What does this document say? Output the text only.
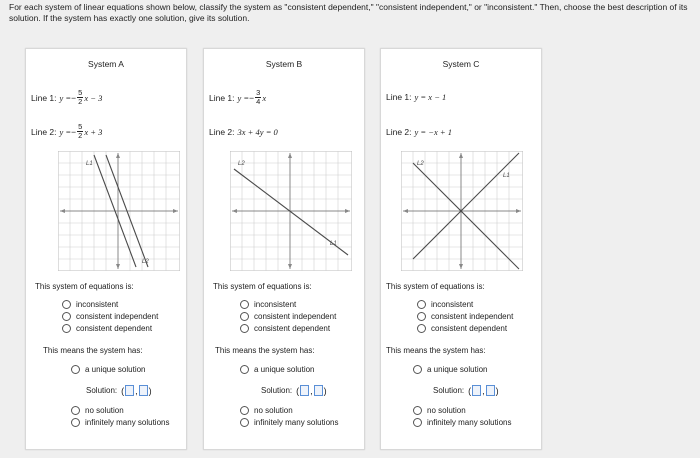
For each system of linear equations shown below, classify the system as "consistent dependent," "consistent independent," or "inconsistent." Then, choose the best description of its solution. If the system has exactly one solution, give its solution.
System A
Line 1: y = − $\frac{5}{2}$ x − 3
Line 2: y = − $\frac{5}{2}$ x + 3
L1
L2
This system of equations is:
inconsistent
consistent independent
consistent dependent
This means the system has:
a unique solution
Solution: ( , )
no solution
infinitely many solutions
System B
Line 1: y = − $\frac{3}{4}$ x
Line 2: 3x + 4y = 0
L2
L1
This system of equations is:
inconsistent
consistent independent
consistent dependent
This means the system has:
a unique solution
Solution: ( , )
no solution
infinitely many solutions
System C
Line 1: y = x − 1
Line 2: y = −x + 1
L2
L1
This system of equations is:
inconsistent
consistent independent
consistent dependent
This means the system has:
a unique solution
Solution: ( , )
no solution
infinitely many solutions
